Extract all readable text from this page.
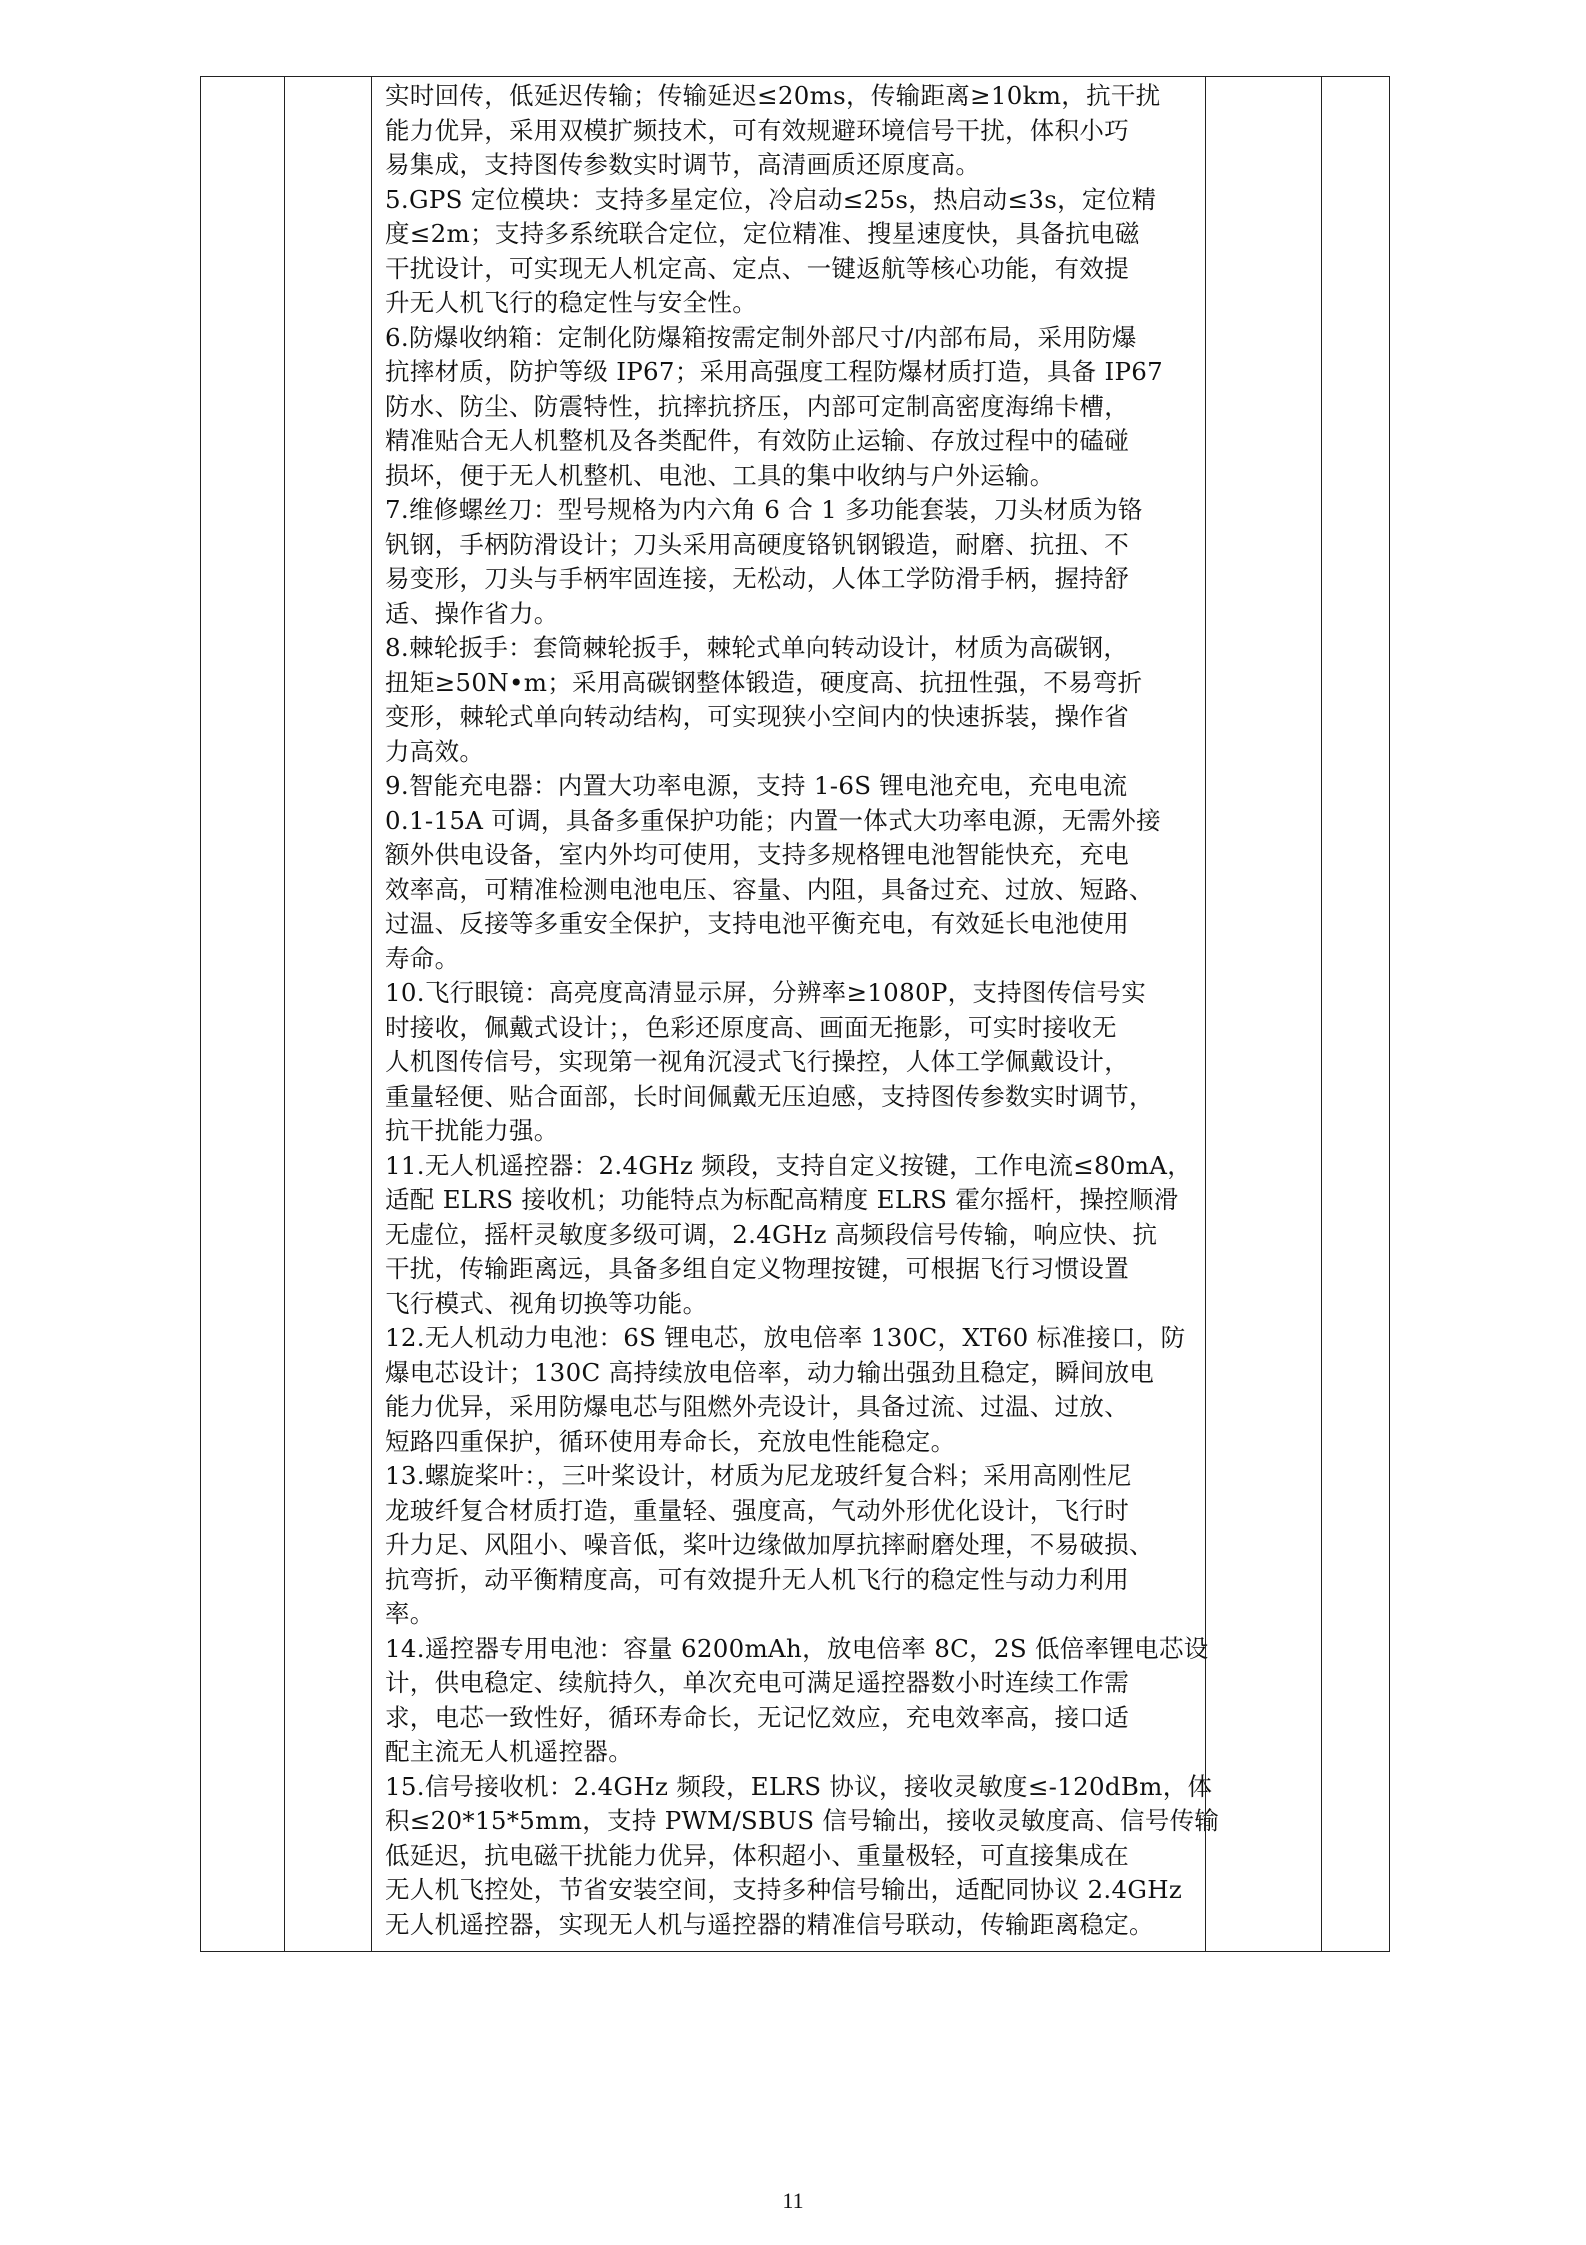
实时回传，低延迟传输；传输延迟≤20ms，传输距离≥10km，抗干扰
能力优异，采用双模扩频技术，可有效规避环境信号干扰，体积小巧
易集成，支持图传参数实时调节，高清画质还原度高。
5.GPS 定位模块：支持多星定位，冷启动≤25s，热启动≤3s，定位精
度≤2m；支持多系统联合定位，定位精准、搜星速度快，具备抗电磁
干扰设计，可实现无人机定高、定点、一键返航等核心功能，有效提
升无人机飞行的稳定性与安全性。
6.防爆收纳箱：定制化防爆箱按需定制外部尺寸/内部布局，采用防爆
抗摔材质，防护等级 IP67；采用高强度工程防爆材质打造，具备 IP67
防水、防尘、防震特性，抗摔抗挤压，内部可定制高密度海绵卡槽，
精准贴合无人机整机及各类配件，有效防止运输、存放过程中的磕碰
损坏，便于无人机整机、电池、工具的集中收纳与户外运输。
7.维修螺丝刀：型号规格为内六角 6 合 1 多功能套装，刀头材质为铬
钒钢，手柄防滑设计；刀头采用高硬度铬钒钢锻造，耐磨、抗扭、不
易变形，刀头与手柄牢固连接，无松动，人体工学防滑手柄，握持舒
适、操作省力。
8.棘轮扳手：套筒棘轮扳手，棘轮式单向转动设计，材质为高碳钢，
扭矩≥50N•m；采用高碳钢整体锻造，硬度高、抗扭性强，不易弯折
变形，棘轮式单向转动结构，可实现狭小空间内的快速拆装，操作省
力高效。
9.智能充电器：内置大功率电源，支持 1-6S 锂电池充电，充电电流
0.1-15A 可调，具备多重保护功能；内置一体式大功率电源，无需外接
额外供电设备，室内外均可使用，支持多规格锂电池智能快充，充电
效率高，可精准检测电池电压、容量、内阻，具备过充、过放、短路、
过温、反接等多重安全保护，支持电池平衡充电，有效延长电池使用
寿命。
10.飞行眼镜：高亮度高清显示屏，分辨率≥1080P，支持图传信号实
时接收，佩戴式设计；，色彩还原度高、画面无拖影，可实时接收无
人机图传信号，实现第一视角沉浸式飞行操控，人体工学佩戴设计，
重量轻便、贴合面部，长时间佩戴无压迫感，支持图传参数实时调节，
抗干扰能力强。
11.无人机遥控器：2.4GHz 频段，支持自定义按键，工作电流≤80mA，
适配 ELRS 接收机；功能特点为标配高精度 ELRS 霍尔摇杆，操控顺滑
无虚位，摇杆灵敏度多级可调，2.4GHz 高频段信号传输，响应快、抗
干扰，传输距离远，具备多组自定义物理按键，可根据飞行习惯设置
飞行模式、视角切换等功能。
12.无人机动力电池：6S 锂电芯，放电倍率 130C，XT60 标准接口，防
爆电芯设计；130C 高持续放电倍率，动力输出强劲且稳定，瞬间放电
能力优异，采用防爆电芯与阻燃外壳设计，具备过流、过温、过放、
短路四重保护，循环使用寿命长，充放电性能稳定。
13.螺旋桨叶：，三叶桨设计，材质为尼龙玻纤复合料；采用高刚性尼
龙玻纤复合材质打造，重量轻、强度高，气动外形优化设计，飞行时
升力足、风阻小、噪音低，桨叶边缘做加厚抗摔耐磨处理，不易破损、
抗弯折，动平衡精度高，可有效提升无人机飞行的稳定性与动力利用
率。
14.遥控器专用电池：容量 6200mAh，放电倍率 8C，2S 低倍率锂电芯设
计，供电稳定、续航持久，单次充电可满足遥控器数小时连续工作需
求，电芯一致性好，循环寿命长，无记忆效应，充电效率高，接口适
配主流无人机遥控器。
15.信号接收机：2.4GHz 频段，ELRS 协议，接收灵敏度≤-120dBm，体
积≤20*15*5mm，支持 PWM/SBUS 信号输出，接收灵敏度高、信号传输
低延迟，抗电磁干扰能力优异，体积超小、重量极轻，可直接集成在
无人机飞控处，节省安装空间，支持多种信号输出，适配同协议 2.4GHz
无人机遥控器，实现无人机与遥控器的精准信号联动，传输距离稳定。
11
